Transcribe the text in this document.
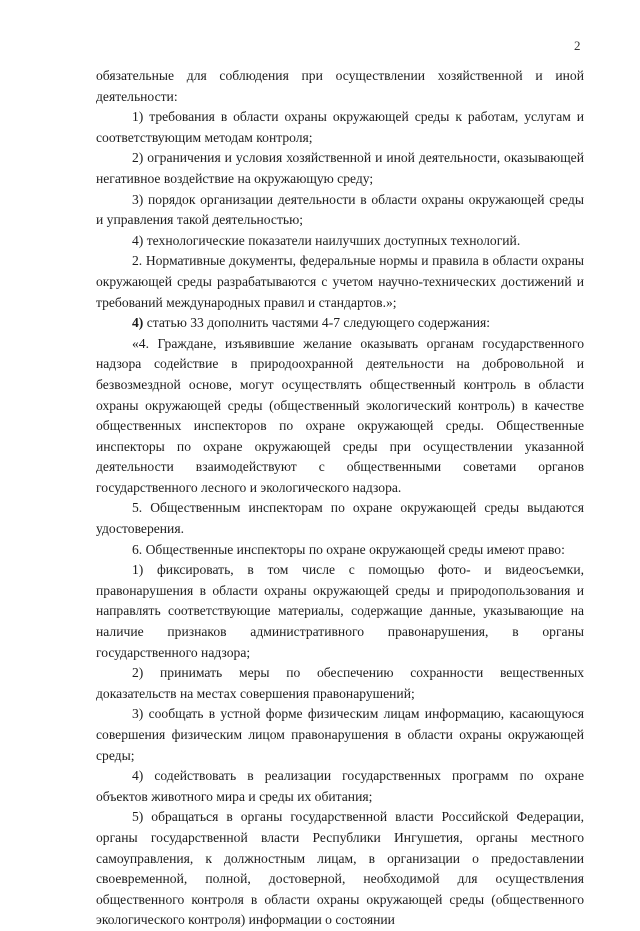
2

обязательные для соблюдения при осуществлении хозяйственной и иной деятельности:

1) требования в области охраны окружающей среды к работам, услугам и соответствующим методам контроля;

2) ограничения и условия хозяйственной и иной деятельности, оказывающей негативное воздействие на окружающую среду;

3) порядок организации деятельности в области охраны окружающей среды и управления такой деятельностью;

4) технологические показатели наилучших доступных технологий.

2. Нормативные документы, федеральные нормы и правила в области охраны окружающей среды разрабатываются с учетом научно-технических достижений и требований международных правил и стандартов.»;

4) статью 33 дополнить частями 4-7 следующего содержания:

«4. Граждане, изъявившие желание оказывать органам государственного надзора содействие в природоохранной деятельности на добровольной и безвозмездной основе, могут осуществлять общественный контроль в области охраны окружающей среды (общественный экологический контроль) в качестве общественных инспекторов по охране окружающей среды. Общественные инспекторы по охране окружающей среды при осуществлении указанной деятельности взаимодействуют с общественными советами органов государственного лесного и экологического надзора.

5. Общественным инспекторам по охране окружающей среды выдаются удостоверения.

6. Общественные инспекторы по охране окружающей среды имеют право:

1) фиксировать, в том числе с помощью фото- и видеосъемки, правонарушения в области охраны окружающей среды и природопользования и направлять соответствующие материалы, содержащие данные, указывающие на наличие признаков административного правонарушения, в органы государственного надзора;

2) принимать меры по обеспечению сохранности вещественных доказательств на местах совершения правонарушений;

3) сообщать в устной форме физическим лицам информацию, касающуюся совершения физическим лицом правонарушения в области охраны окружающей среды;

4) содействовать в реализации государственных программ по охране объектов животного мира и среды их обитания;

5) обращаться в органы государственной власти Российской Федерации, органы государственной власти Республики Ингушетия, органы местного самоуправления, к должностным лицам, в организации о предоставлении своевременной, полной, достоверной, необходимой для осуществления общественного контроля в области охраны окружающей среды (общественного экологического контроля) информации о состоянии
